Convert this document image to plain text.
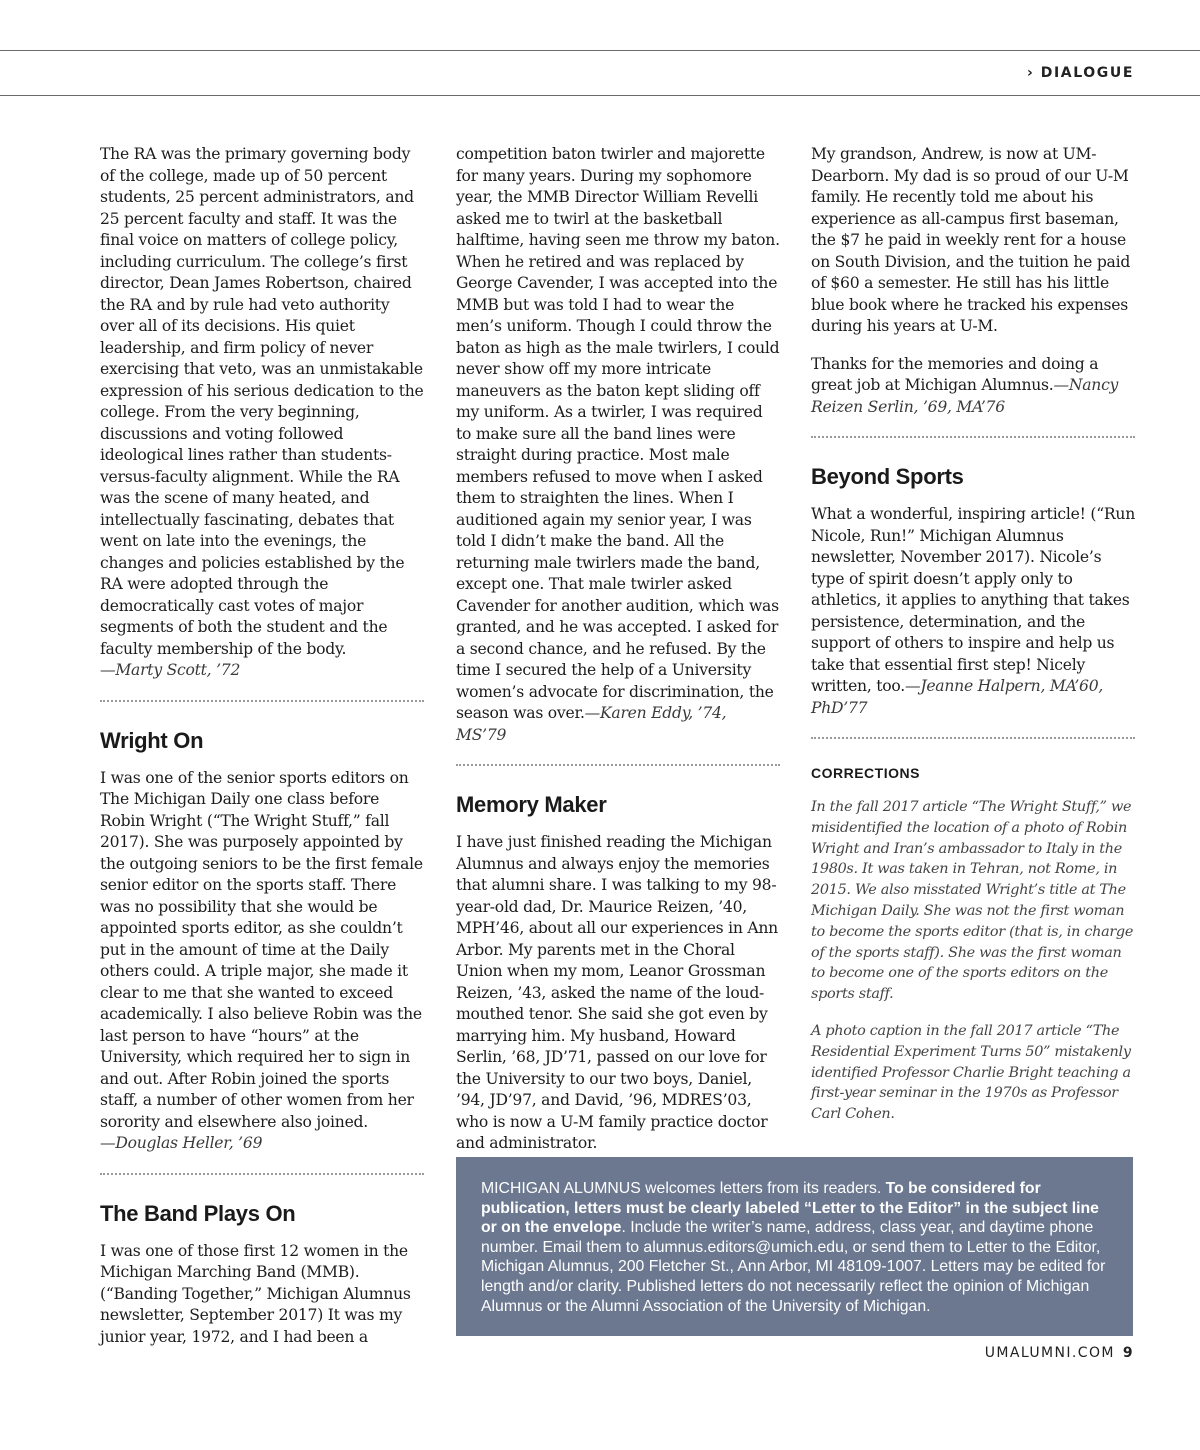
› DIALOGUE

The RA was the primary governing body of the college, made up of 50 percent students, 25 percent administrators, and 25 percent faculty and staff. It was the final voice on matters of college policy, including curriculum. The college’s first director, Dean James Robertson, chaired the RA and by rule had veto authority over all of its decisions. His quiet leadership, and firm policy of never exercising that veto, was an unmistakable expression of his serious dedication to the college. From the very beginning, discussions and voting followed ideological lines rather than students-versus-faculty alignment. While the RA was the scene of many heated, and intellectually fascinating, debates that went on late into the evenings, the changes and policies established by the RA were adopted through the democratically cast votes of major segments of both the student and the faculty membership of the body.
—Marty Scott, ’72

Wright On

I was one of the senior sports editors on The Michigan Daily one class before Robin Wright (“The Wright Stuff,” fall 2017). She was purposely appointed by the outgoing seniors to be the first female senior editor on the sports staff. There was no possibility that she would be appointed sports editor, as she couldn’t put in the amount of time at the Daily others could. A triple major, she made it clear to me that she wanted to exceed academically. I also believe Robin was the last person to have “hours” at the University, which required her to sign in and out. After Robin joined the sports staff, a number of other women from her sorority and elsewhere also joined.
—Douglas Heller, ’69

The Band Plays On

I was one of those first 12 women in the Michigan Marching Band (MMB). (“Banding Together,” Michigan Alumnus newsletter, September 2017) It was my junior year, 1972, and I had been a

competition baton twirler and majorette for many years. During my sophomore year, the MMB Director William Revelli asked me to twirl at the basketball halftime, having seen me throw my baton. When he retired and was replaced by George Cavender, I was accepted into the MMB but was told I had to wear the men’s uniform. Though I could throw the baton as high as the male twirlers, I could never show off my more intricate maneuvers as the baton kept sliding off my uniform. As a twirler, I was required to make sure all the band lines were straight during practice. Most male members refused to move when I asked them to straighten the lines. When I auditioned again my senior year, I was told I didn’t make the band. All the returning male twirlers made the band, except one. That male twirler asked Cavender for another audition, which was granted, and he was accepted. I asked for a second chance, and he refused. By the time I secured the help of a University women’s advocate for discrimination, the season was over.—Karen Eddy, ’74, MS’79

Memory Maker

I have just finished reading the Michigan Alumnus and always enjoy the memories that alumni share. I was talking to my 98-year-old dad, Dr. Maurice Reizen, ’40, MPH’46, about all our experiences in Ann Arbor. My parents met in the Choral Union when my mom, Leanor Grossman Reizen, ’43, asked the name of the loud-mouthed tenor. She said she got even by marrying him. My husband, Howard Serlin, ’68, JD’71, passed on our love for the University to our two boys, Daniel, ’94, JD’97, and David, ’96, MDRES’03, who is now a U-M family practice doctor and administrator.

My grandson, Andrew, is now at UM-Dearborn. My dad is so proud of our U-M family. He recently told me about his experience as all-campus first baseman, the $7 he paid in weekly rent for a house on South Division, and the tuition he paid of $60 a semester. He still has his little blue book where he tracked his expenses during his years at U-M.

Thanks for the memories and doing a great job at Michigan Alumnus.—Nancy Reizen Serlin, ’69, MA’76

Beyond Sports

What a wonderful, inspiring article! (“Run Nicole, Run!” Michigan Alumnus newsletter, November 2017). Nicole’s type of spirit doesn’t apply only to athletics, it applies to anything that takes persistence, determination, and the support of others to inspire and help us take that essential first step! Nicely written, too.—Jeanne Halpern, MA’60, PhD’77

CORRECTIONS

In the fall 2017 article “The Wright Stuff,” we misidentified the location of a photo of Robin Wright and Iran’s ambassador to Italy in the 1980s. It was taken in Tehran, not Rome, in 2015. We also misstated Wright’s title at The Michigan Daily. She was not the first woman to become the sports editor (that is, in charge of the sports staff). She was the first woman to become one of the sports editors on the sports staff.

A photo caption in the fall 2017 article “The Residential Experiment Turns 50” mistakenly identified Professor Charlie Bright teaching a first-year seminar in the 1970s as Professor Carl Cohen.

MICHIGAN ALUMNUS welcomes letters from its readers. To be considered for publication, letters must be clearly labeled “Letter to the Editor” in the subject line or on the envelope. Include the writer’s name, address, class year, and daytime phone number. Email them to alumnus.editors@umich.edu, or send them to Letter to the Editor, Michigan Alumnus, 200 Fletcher St., Ann Arbor, MI 48109-1007. Letters may be edited for length and/or clarity. Published letters do not necessarily reflect the opinion of Michigan Alumnus or the Alumni Association of the University of Michigan.
UMALUMNI.COM 9
